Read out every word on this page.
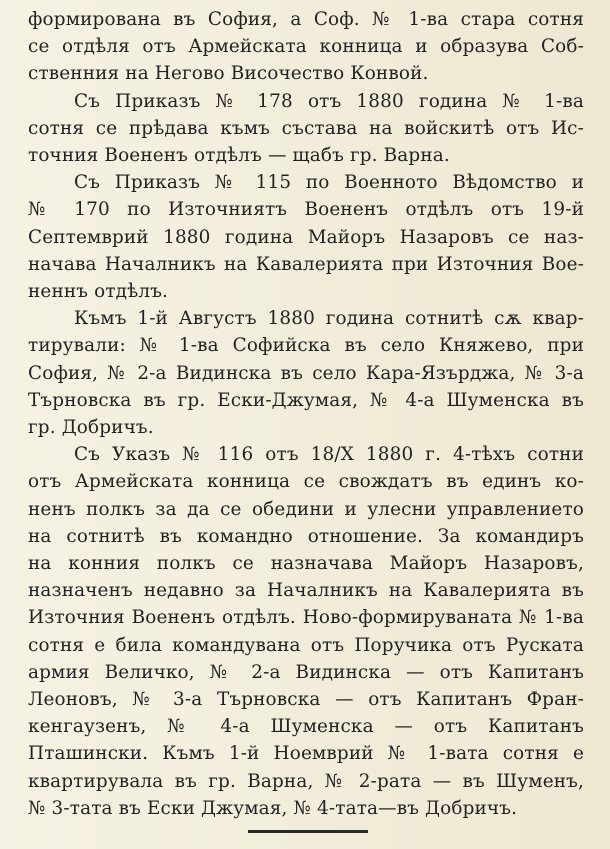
формирована въ София, а Соф. № 1-ва стара сотня
се отдѣля отъ Армейската конница и образува Соб-
ственния на Негово Височество Конвой.
Съ Приказъ № 178 отъ 1880 година № 1-ва
сотня се прѣдава къмъ състава на войскитѣ отъ Ис-
точния Воененъ отдѣлъ — щабъ гр. Варна.
Съ Приказъ № 115 по Военното Вѣдомство и
№ 170 по Източниятъ Воененъ отдѣлъ отъ 19-й
Септемврий 1880 година Майоръ Назаровъ се наз-
начава Началникъ на Кавалерията при Източния Вое-
неннъ отдѣлъ.
Къмъ 1-й Августъ 1880 година сотнитѣ сѫ квар-
тирували: № 1-ва Софийска въ село Княжево, при
София, № 2-а Видинска въ село Кара-Язърджа, № 3-а
Търновска въ гр. Ески-Джумая, № 4-а Шуменска въ
гр. Добричъ.
Съ Указъ № 116 отъ 18/X 1880 г. 4-тѣхъ сотни
отъ Армейската конница се свождатъ въ единъ ко-
ненъ полкъ за да се обедини и улесни управлението
на сотнитѣ въ командно отношение. За командиръ
на конния полкъ се назначава Майоръ Назаровъ,
назначенъ недавно за Началникъ на Кавалерията въ
Източния Воененъ отдѣлъ. Ново-формируваната № 1-ва
сотня е била командувана отъ Поручика отъ Руската
армия Величко, № 2-а Видинска — отъ Капитанъ
Леоновъ, № 3-а Търновска — отъ Капитанъ Фран-
кенгаузенъ, № 4-а Шуменска — отъ Капитанъ
Пташински. Къмъ 1-й Ноемврий № 1-вата сотня е
квартирувала въ гр. Варна, № 2-рата — въ Шуменъ,
№ 3-тата въ Ески Джумая, № 4-тата—въ Добричъ.
